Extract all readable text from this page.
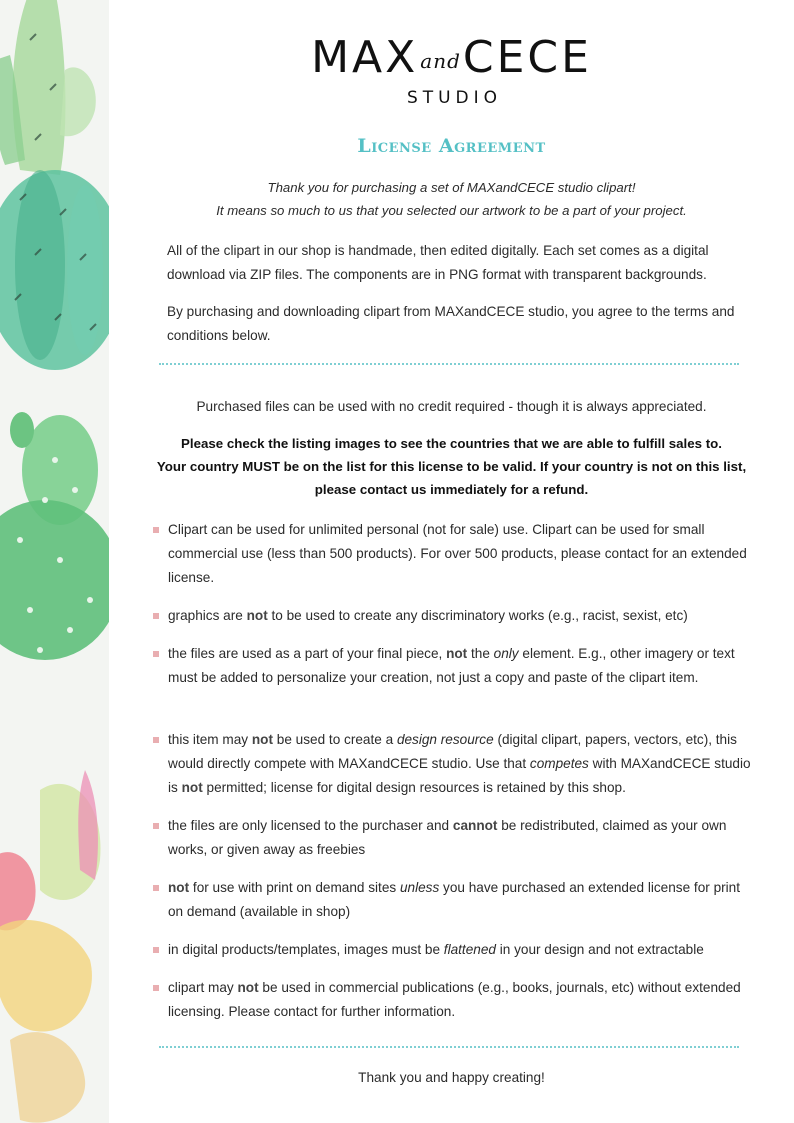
MAX andCECE
STUDIO
License Agreement
Thank you for purchasing a set of MAXandCECE studio clipart!
It means so much to us that you selected our artwork to be a part of your project.

All of the clipart in our shop is handmade, then edited digitally. Each set comes as a digital download via ZIP files. The components are in PNG format with transparent backgrounds.

By purchasing and downloading clipart from MAXandCECE studio, you agree to the terms and conditions below.

Purchased files can be used with no credit required - though it is always appreciated.

Please check the listing images to see the countries that we are able to fulfill sales to.
Your country MUST be on the list for this license to be valid. If your country is not on this list,
please contact us immediately for a refund.
Clipart can be used for unlimited personal (not for sale) use. Clipart can be used for small commercial use (less than 500 products). For over 500 products, please contact for an extended license.
graphics are not to be used to create any discriminatory works (e.g., racist, sexist, etc)
the files are used as a part of your final piece, not the only element. E.g., other imagery or text must be added to personalize your creation, not just a copy and paste of the clipart item.
this item may not be used to create a design resource (digital clipart, papers, vectors, etc), this would directly compete with MAXandCECE studio. Use that competes with MAXandCECE studio is not permitted; license for digital design resources is retained by this shop.
the files are only licensed to the purchaser and cannot be redistributed, claimed as your own works, or given away as freebies
not for use with print on demand sites unless you have purchased an extended license for print on demand (available in shop)
in digital products/templates, images must be flattened in your design and not extractable
clipart may not be used in commercial publications (e.g., books, journals, etc) without extended licensing. Please contact for further information.

Thank you and happy creating!
